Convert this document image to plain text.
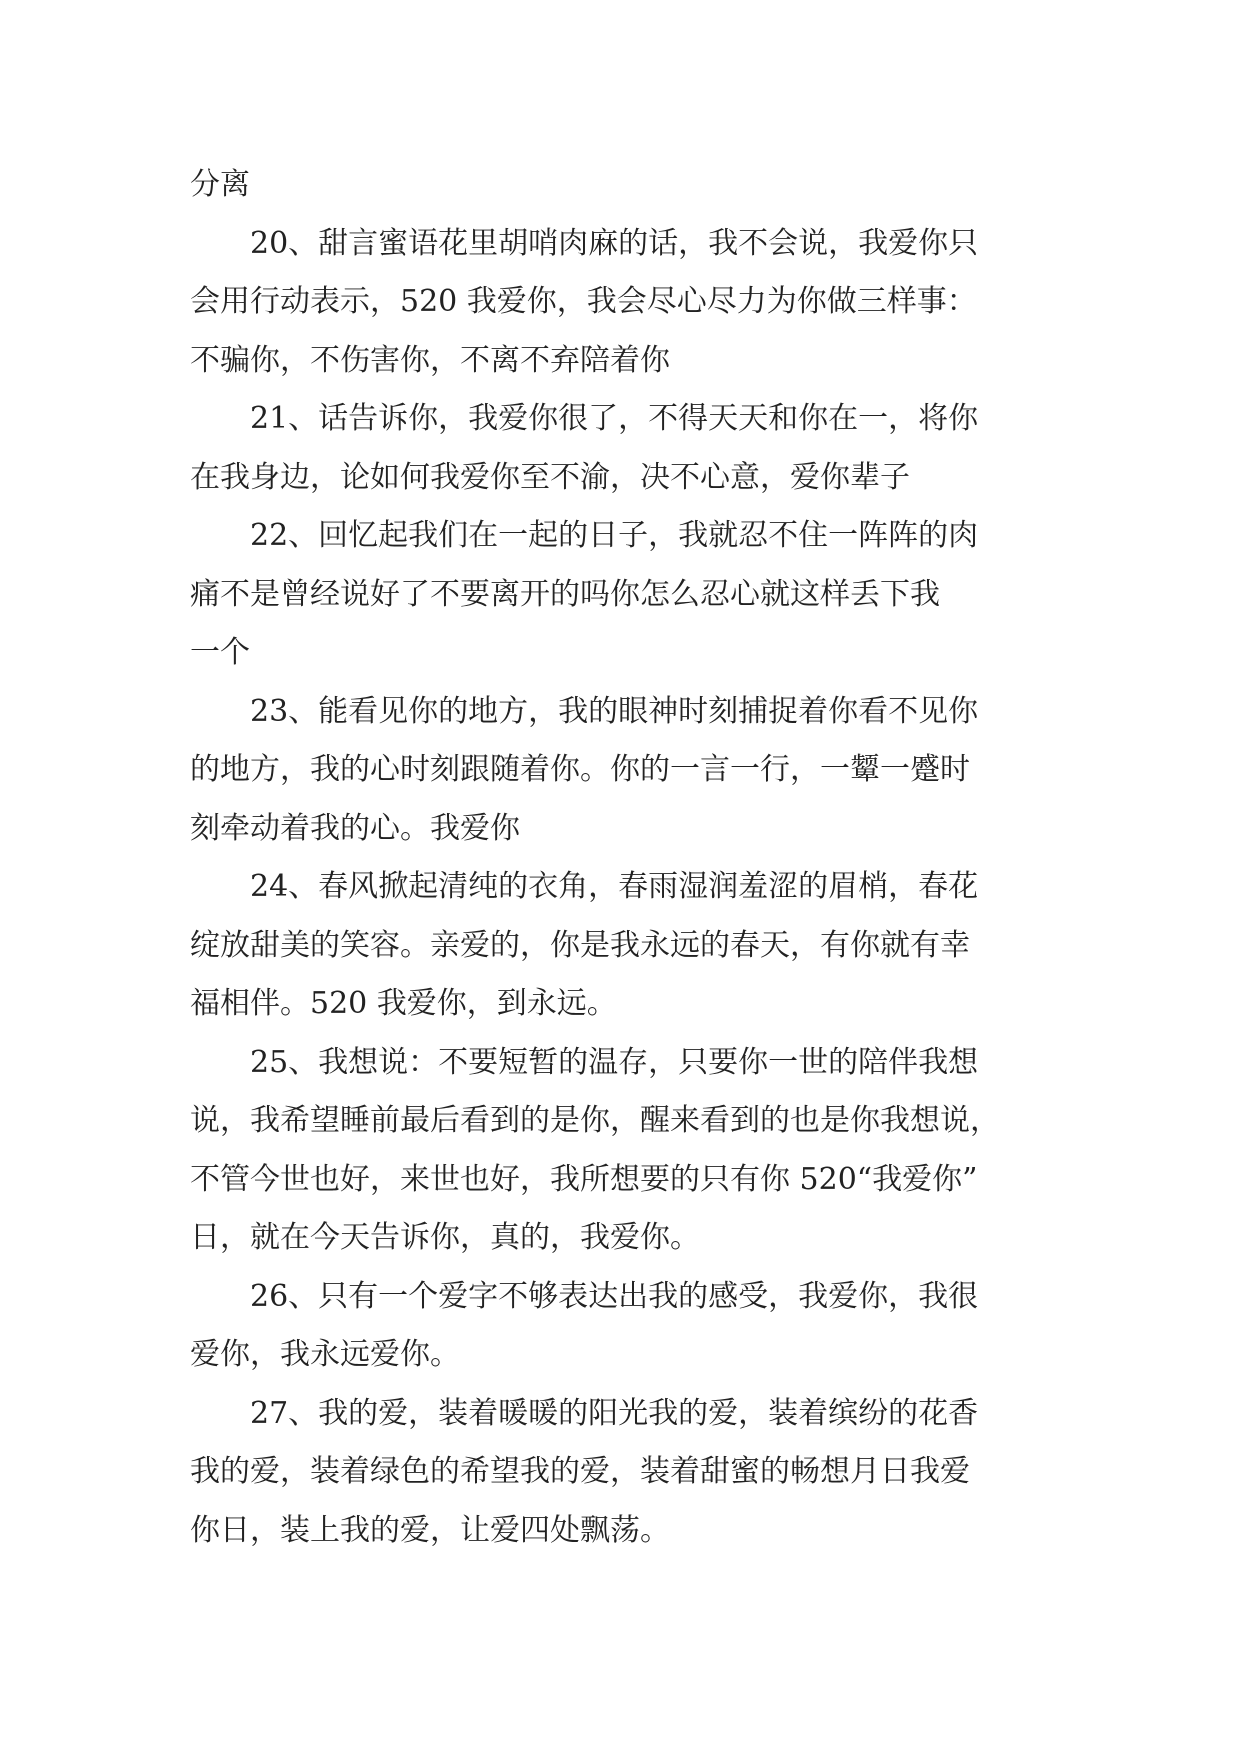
分离

20、甜言蜜语花里胡哨肉麻的话，我不会说，我爱你只
会用行动表示，520 我爱你，我会尽心尽力为你做三样事：
不骗你，不伤害你，不离不弃陪着你

21、话告诉你，我爱你很了，不得天天和你在一，将你
在我身边，论如何我爱你至不渝，决不心意，爱你辈子

22、回忆起我们在一起的日子，我就忍不住一阵阵的肉
痛不是曾经说好了不要离开的吗你怎么忍心就这样丢下我
一个

23、能看见你的地方，我的眼神时刻捕捉着你看不见你
的地方，我的心时刻跟随着你。你的一言一行，一颦一蹙时
刻牵动着我的心。我爱你

24、春风掀起清纯的衣角，春雨湿润羞涩的眉梢，春花
绽放甜美的笑容。亲爱的，你是我永远的春天，有你就有幸
福相伴。520 我爱你，到永远。

25、我想说：不要短暂的温存，只要你一世的陪伴我想
说，我希望睡前最后看到的是你，醒来看到的也是你我想说，
不管今世也好，来世也好，我所想要的只有你 520“我爱你”
日，就在今天告诉你，真的，我爱你。

26、只有一个爱字不够表达出我的感受，我爱你，我很
爱你，我永远爱你。

27、我的爱，装着暖暖的阳光我的爱，装着缤纷的花香
我的爱，装着绿色的希望我的爱，装着甜蜜的畅想月日我爱
你日，装上我的爱，让爱四处飘荡。
